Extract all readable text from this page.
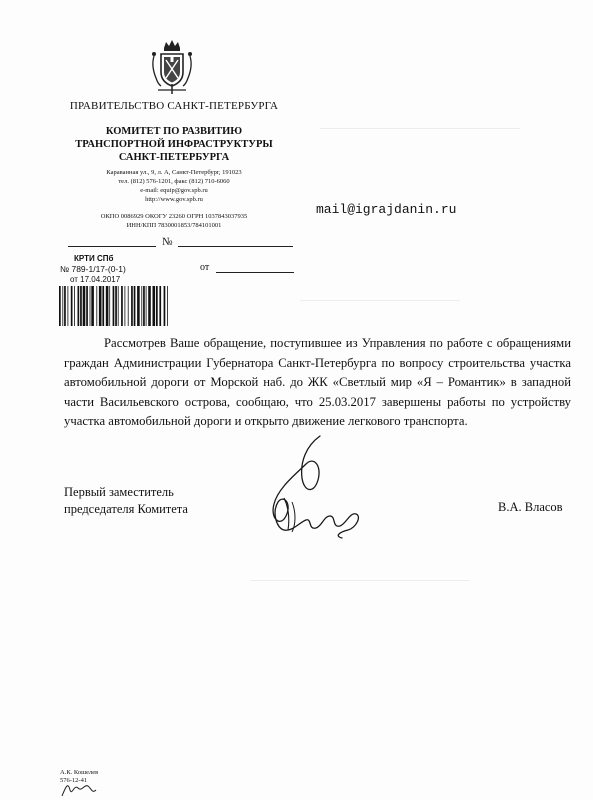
ПРАВИТЕЛЬСТВО САНКТ-ПЕТЕРБУРГА
КОМИТЕТ ПО РАЗВИТИЮ
ТРАНСПОРТНОЙ ИНФРАСТРУКТУРЫ
САНКТ-ПЕТЕРБУРГА
Караванная ул., 9, л. А, Санкт-Петербург, 191023
тел. (812) 576-1201, факс (812) 710-6060
e-mail: equip@gov.spb.ru
http://www.gov.spb.ru
ОКПО 0086929 ОКОГУ 23260 ОГРН 1037843037935
ИНН/КПП 7830001853/784101001
№
от
КРТИ СПб
№ 789-1/17-(0-1)
от 17.04.2017
mail@igrajdanin.ru

Рассмотрев Ваше обращение, поступившее из Управления по работе с обращениями граждан Администрации Губернатора Санкт-Петербурга по вопросу строительства участка автомобильной дороги от Морской наб. до ЖК «Светлый мир «Я – Романтик» в западной части Васильевского острова, сообщаю, что 25.03.2017 завершены работы по устройству участка автомобильной дороги и открыто движение легкового транспорта.

Первый заместитель
председателя Комитета	В.А. Власов
А.К. Кошелев
576-12-41
